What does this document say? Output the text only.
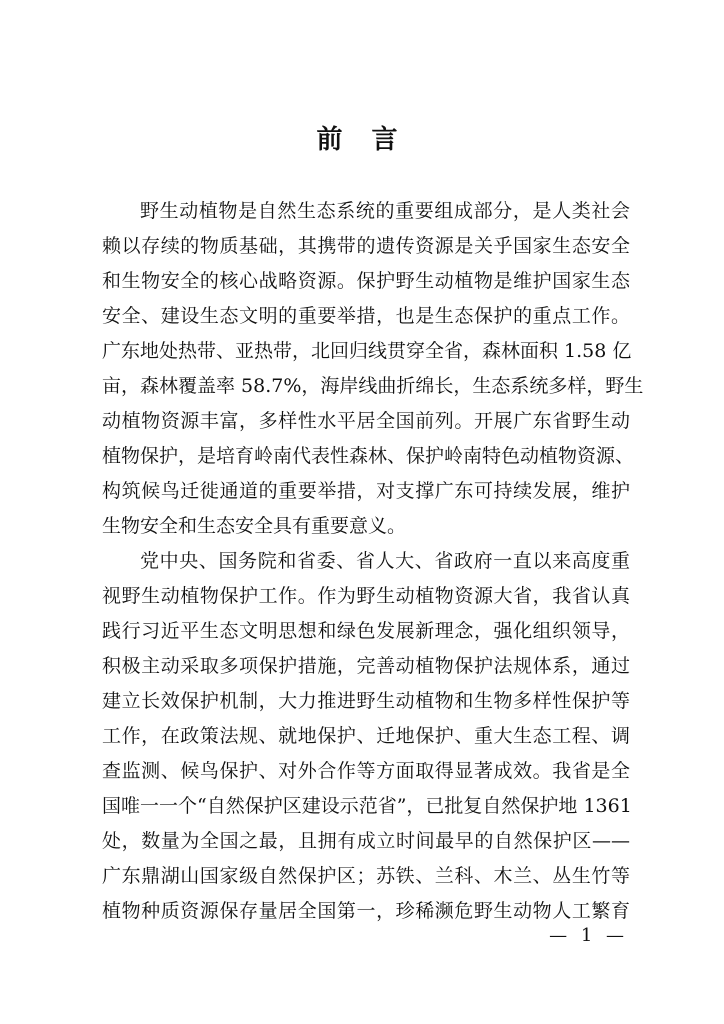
前 言
野生动植物是自然生态系统的重要组成部分，是人类社会
赖以存续的物质基础，其携带的遗传资源是关乎国家生态安全
和生物安全的核心战略资源。保护野生动植物是维护国家生态
安全、建设生态文明的重要举措，也是生态保护的重点工作。
广东地处热带、亚热带，北回归线贯穿全省，森林面积 1.58 亿
亩，森林覆盖率 58.7%，海岸线曲折绵长，生态系统多样，野生
动植物资源丰富，多样性水平居全国前列。开展广东省野生动
植物保护，是培育岭南代表性森林、保护岭南特色动植物资源、
构筑候鸟迁徙通道的重要举措，对支撑广东可持续发展，维护
生物安全和生态安全具有重要意义。
党中央、国务院和省委、省人大、省政府一直以来高度重
视野生动植物保护工作。作为野生动植物资源大省，我省认真
践行习近平生态文明思想和绿色发展新理念，强化组织领导，
积极主动采取多项保护措施，完善动植物保护法规体系，通过
建立长效保护机制，大力推进野生动植物和生物多样性保护等
工作，在政策法规、就地保护、迁地保护、重大生态工程、调
查监测、候鸟保护、对外合作等方面取得显著成效。我省是全
国唯一一个“自然保护区建设示范省”，已批复自然保护地 1361
处，数量为全国之最，且拥有成立时间最早的自然保护区——
广东鼎湖山国家级自然保护区；苏铁、兰科、木兰、丛生竹等
植物种质资源保存量居全国第一，珍稀濒危野生动物人工繁育
— 1 —
